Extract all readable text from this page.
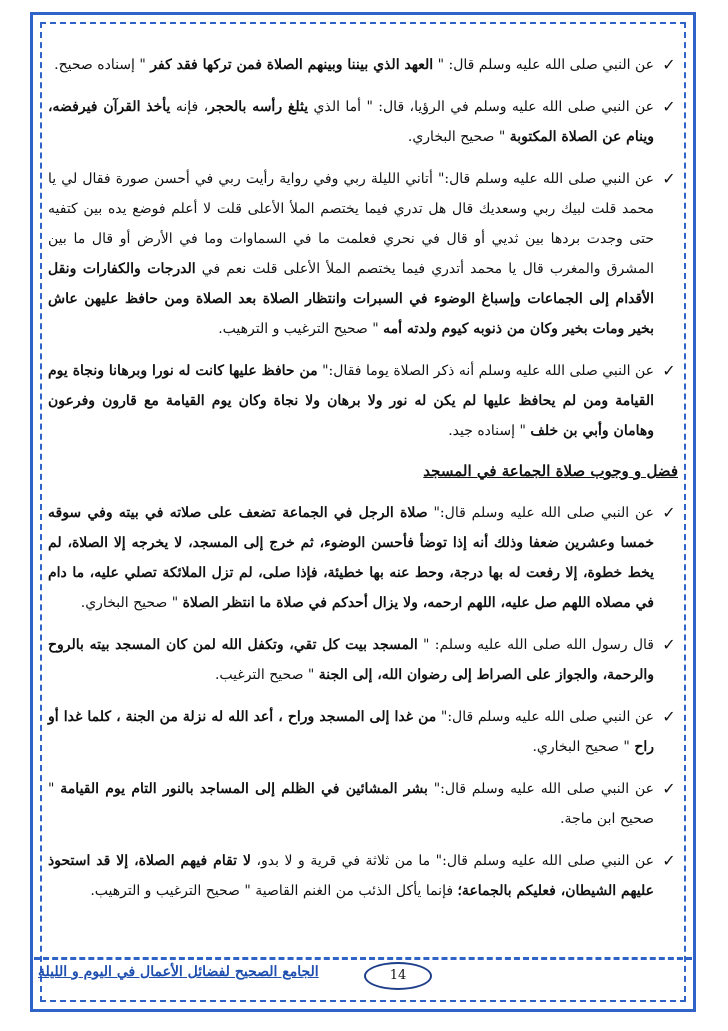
✓
عن النبي صلى الله عليه وسلم قال: " العهد الذي بيننا وبينهم الصلاة فمن تركها فقد كفر " إسناده صحيح.
✓
عن النبي صلى الله عليه وسلم في الرؤيا، قال: " أما الذي يثلغ رأسه بالحجر، فإنه يأخذ القرآن فيرفضه، وينام عن الصلاة المكتوبة " صحيح البخاري.
✓
عن النبي صلى الله عليه وسلم قال:" أتاني الليلة ربي وفي رواية رأيت ربي في أحسن صورة فقال لي يا محمد قلت لبيك ربي وسعديك قال هل تدري فيما يختصم الملأ الأعلى قلت لا أعلم فوضع يده بين كتفيه حتى وجدت بردها بين ثديي أو قال في نحري فعلمت ما في السماوات وما في الأرض أو قال ما بين المشرق والمغرب قال يا محمد أتدري فيما يختصم الملأ الأعلى قلت نعم في الدرجات والكفارات ونقل الأقدام إلى الجماعات وإسباغ الوضوء في السبرات وانتظار الصلاة بعد الصلاة ومن حافظ عليهن عاش بخير ومات بخير وكان من ذنوبه كيوم ولدته أمه " صحيح الترغيب و الترهيب.
✓
عن النبي صلى الله عليه وسلم أنه ذكر الصلاة يوما فقال:" من حافظ عليها كانت له نورا وبرهانا ونجاة يوم القيامة ومن لم يحافظ عليها لم يكن له نور ولا برهان ولا نجاة وكان يوم القيامة مع قارون وفرعون وهامان وأبي بن خلف " إسناده جيد.
فضل و وجوب صلاة الجماعة في المسجد
✓
عن النبي صلى الله عليه وسلم قال:" صلاة الرجل في الجماعة تضعف على صلاته في بيته وفي سوقه خمسا وعشرين ضعفا وذلك أنه إذا توضأ فأحسن الوضوء، ثم خرج إلى المسجد، لا يخرجه إلا الصلاة، لم يخط خطوة، إلا رفعت له بها درجة، وحط عنه بها خطيئة، فإذا صلى، لم تزل الملائكة تصلي عليه، ما دام في مصلاه اللهم صل عليه، اللهم ارحمه، ولا يزال أحدكم في صلاة ما انتظر الصلاة " صحيح البخاري.
✓
قال رسول الله صلى الله عليه وسلم: " المسجد بيت كل تقي، وتكفل الله لمن كان المسجد بيته بالروح والرحمة، والجواز على الصراط إلى رضوان الله، إلى الجنة " صحيح الترغيب.
✓
عن النبي صلى الله عليه وسلم قال:" من غدا إلى المسجد وراح ، أعد الله له نزلة من الجنة ، كلما غدا أو راح " صحيح البخاري.
✓
عن النبي صلى الله عليه وسلم قال:" بشر المشائين في الظلم إلى المساجد بالنور التام يوم القيامة " صحيح ابن ماجة.
✓
عن النبي صلى الله عليه وسلم قال:" ما من ثلاثة في قرية و لا بدو، لا تقام فيهم الصلاة، إلا قد استحوذ عليهم الشيطان، فعليكم بالجماعة؛ فإنما يأكل الذئب من الغنم القاصية " صحيح الترغيب و الترهيب.
الجامع الصحيح لفضائل الأعمال في اليوم و الليلة	14
